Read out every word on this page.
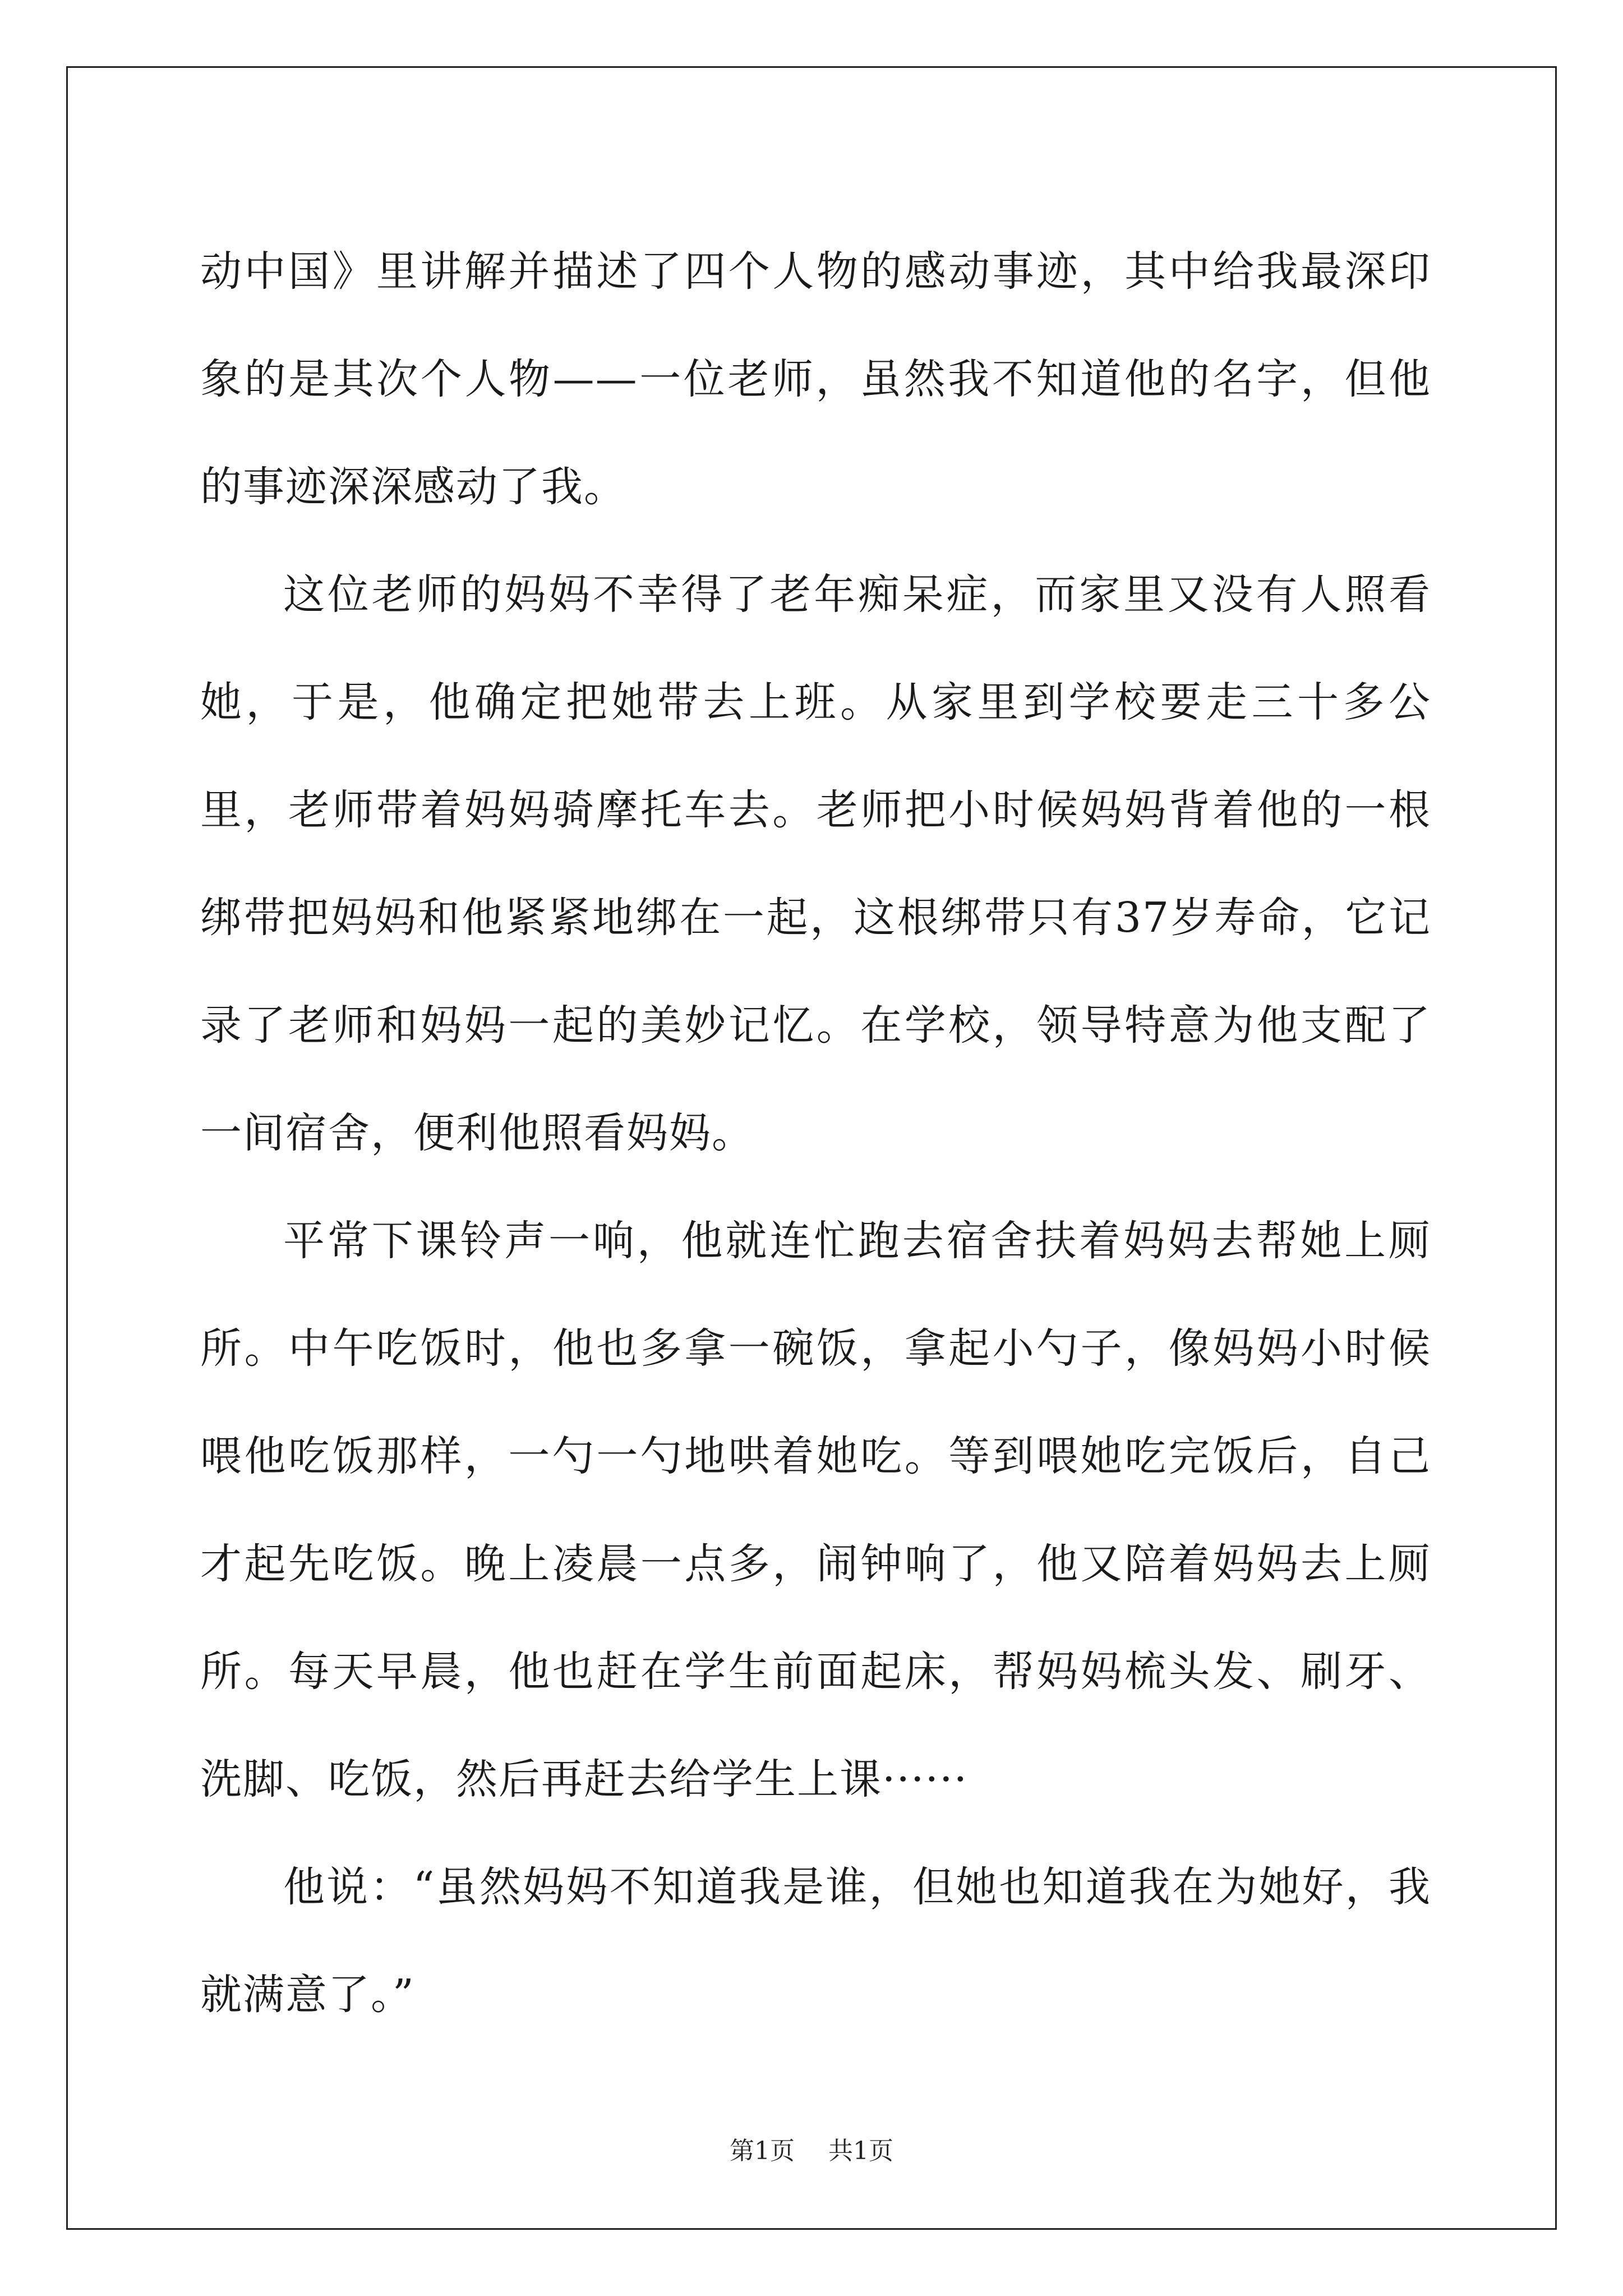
动中国》里讲解并描述了四个人物的感动事迹，其中给我最深印象的是其次个人物——一位老师，虽然我不知道他的名字，但他的事迹深深感动了我。

这位老师的妈妈不幸得了老年痴呆症，而家里又没有人照看她，于是，他确定把她带去上班。从家里到学校要走三十多公里，老师带着妈妈骑摩托车去。老师把小时候妈妈背着他的一根绑带把妈妈和他紧紧地绑在一起，这根绑带只有37岁寿命，它记录了老师和妈妈一起的美妙记忆。在学校，领导特意为他支配了一间宿舍，便利他照看妈妈。

平常下课铃声一响，他就连忙跑去宿舍扶着妈妈去帮她上厕所。中午吃饭时，他也多拿一碗饭，拿起小勺子，像妈妈小时候喂他吃饭那样，一勺一勺地哄着她吃。等到喂她吃完饭后，自己才起先吃饭。晚上凌晨一点多，闹钟响了，他又陪着妈妈去上厕所。每天早晨，他也赶在学生前面起床，帮妈妈梳头发、刷牙、洗脚、吃饭，然后再赶去给学生上课······

他说：“虽然妈妈不知道我是谁，但她也知道我在为她好，我就满意了。”

第1页 共1页
